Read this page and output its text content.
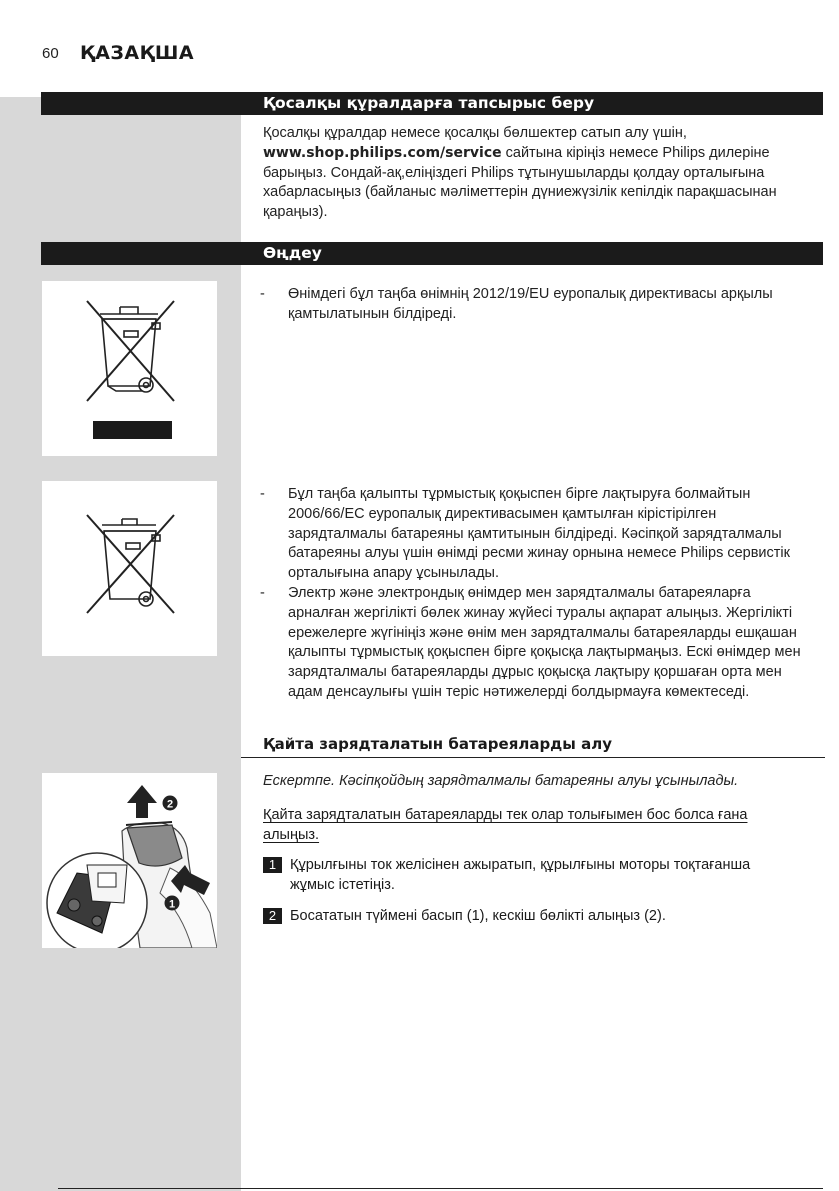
60 ҚАЗАҚША
Қосалқы құралдарға тапсырыс беру
Қосалқы құралдар немесе қосалқы бөлшектер сатып алу үшін,
www.shop.philips.com/service сайтына кіріңіз немесе Philips дилеріне барыңыз. Сондай-ақ,еліңіздегі Philips тұтынушыларды қолдау орталығына хабарласыңыз (байланыс мәліметтерін дүниежүзілік кепілдік парақшасынан қараңыз).
Өңдеу
- Өнімдегі бұл таңба өнімнің 2012/19/EU еуропалық директивасы арқылы қамтылатынын білдіреді.
- Бұл таңба қалыпты тұрмыстық қоқыспен бірге лақтыруға болмайтын 2006/66/EC еуропалық директивасымен қамтылған кірістірілген зарядталмалы батареяны қамтитынын білдіреді. Кәсіпқой зарядталмалы батареяны алуы үшін өнімді ресми жинау орнына немесе Philips сервистік орталығына апару ұсынылады.
- Электр және электрондық өнімдер мен зарядталмалы батареяларға арналған жергілікті бөлек жинау жүйесі туралы ақпарат алыңыз. Жергілікті ережелерге жүгініңіз және өнім мен зарядталмалы батареяларды ешқашан қалыпты тұрмыстық қоқыспен бірге қоқысқа лақтырмаңыз. Ескі өнімдер мен зарядталмалы батареяларды дұрыс қоқысқа лақтыру қоршаған орта мен адам денсаулығы үшін теріс нәтижелерді болдырмауға көмектеседі.
Қайта зарядталатын батареяларды алу
2
1
Ескертпе. Кәсіпқойдың зарядталмалы батареяны алуы ұсынылады.
Қайта зарядталатын батареяларды тек олар толығымен бос болса ғана алыңыз.
1 Құрылғыны ток желісінен ажыратып, құрылғыны моторы тоқтағанша жұмыс істетіңіз.
2 Босататын түймені басып (1), кескіш бөлікті алыңыз (2).
